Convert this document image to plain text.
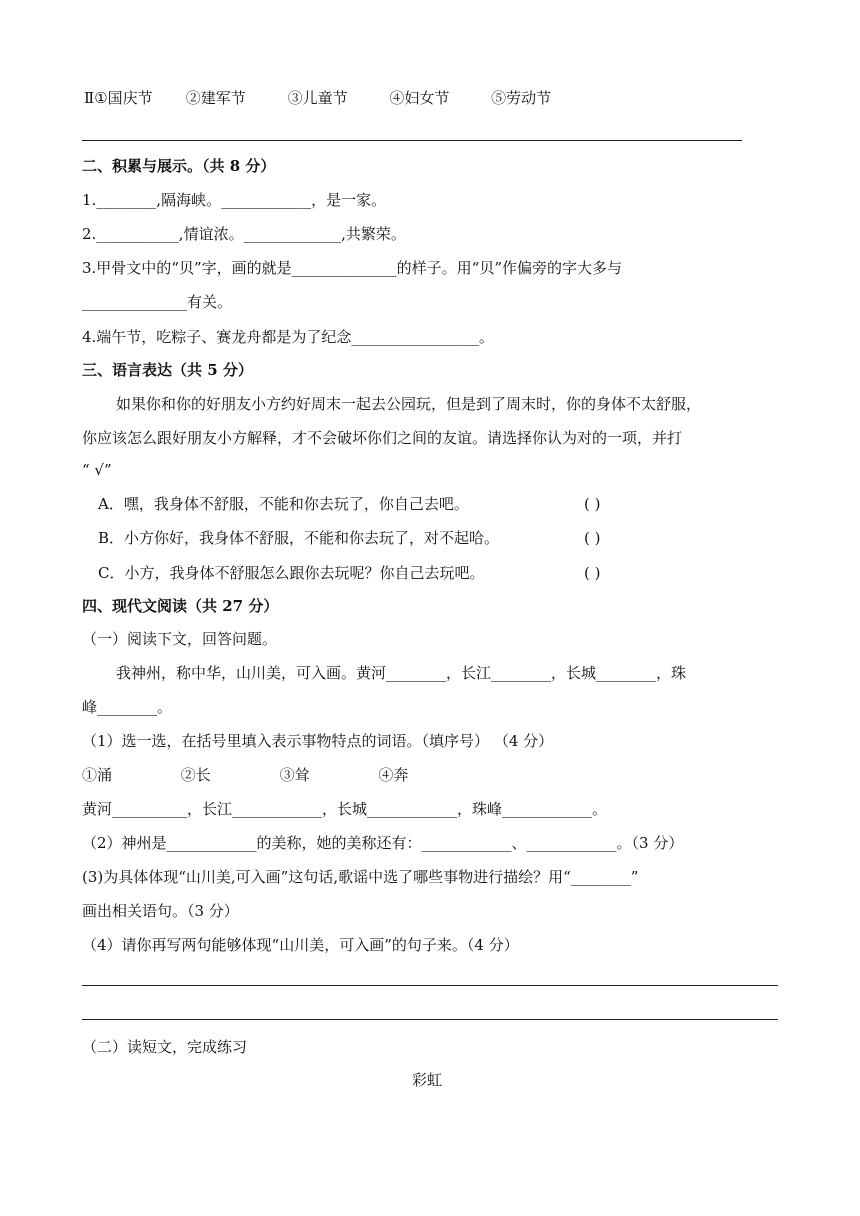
Ⅱ①国庆节 ②建军节	③儿童节	④妇女节	⑤劳动节
二、积累与展示。（共 8 分）
1.________,隔海峡。____________，是一家。
2.___________,情谊浓。_____________,共繁荣。
3.甲骨文中的“贝”字，画的就是______________的样子。用“贝”作偏旁的字大多与
______________有关。
4.端午节，吃粽子、赛龙舟都是为了纪念_________________。
三、语言表达（共 5 分）
如果你和你的好朋友小方约好周末一起去公园玩，但是到了周末时，你的身体不太舒服，
你应该怎么跟好朋友小方解释，才不会破坏你们之间的友谊。请选择你认为对的一项，并打
“ √”
A．嘿，我身体不舒服，不能和你去玩了，你自己去吧。	( )
B．小方你好，我身体不舒服，不能和你去玩了，对不起哈。	( )
C．小方，我身体不舒服怎么跟你去玩呢？你自己去玩吧。	( )
四、现代文阅读（共 27 分）
（一）阅读下文，回答问题。
我神州，称中华，山川美，可入画。黄河________，长江________，长城________，珠
峰________。
（1）选一选，在括号里填入表示事物特点的词语。（填序号） （4 分）
①涌	②长	③耸	④奔
黄河__________，长江____________，长城____________，珠峰____________。
（2）神州是____________的美称，她的美称还有：____________、____________。（3 分）
(3)为具体体现“山川美,可入画”这句话,歌谣中选了哪些事物进行描绘？用“________”
画出相关语句。（3 分）
（4）请你再写两句能够体现“山川美，可入画”的句子来。（4 分）
（二）读短文，完成练习
彩虹
